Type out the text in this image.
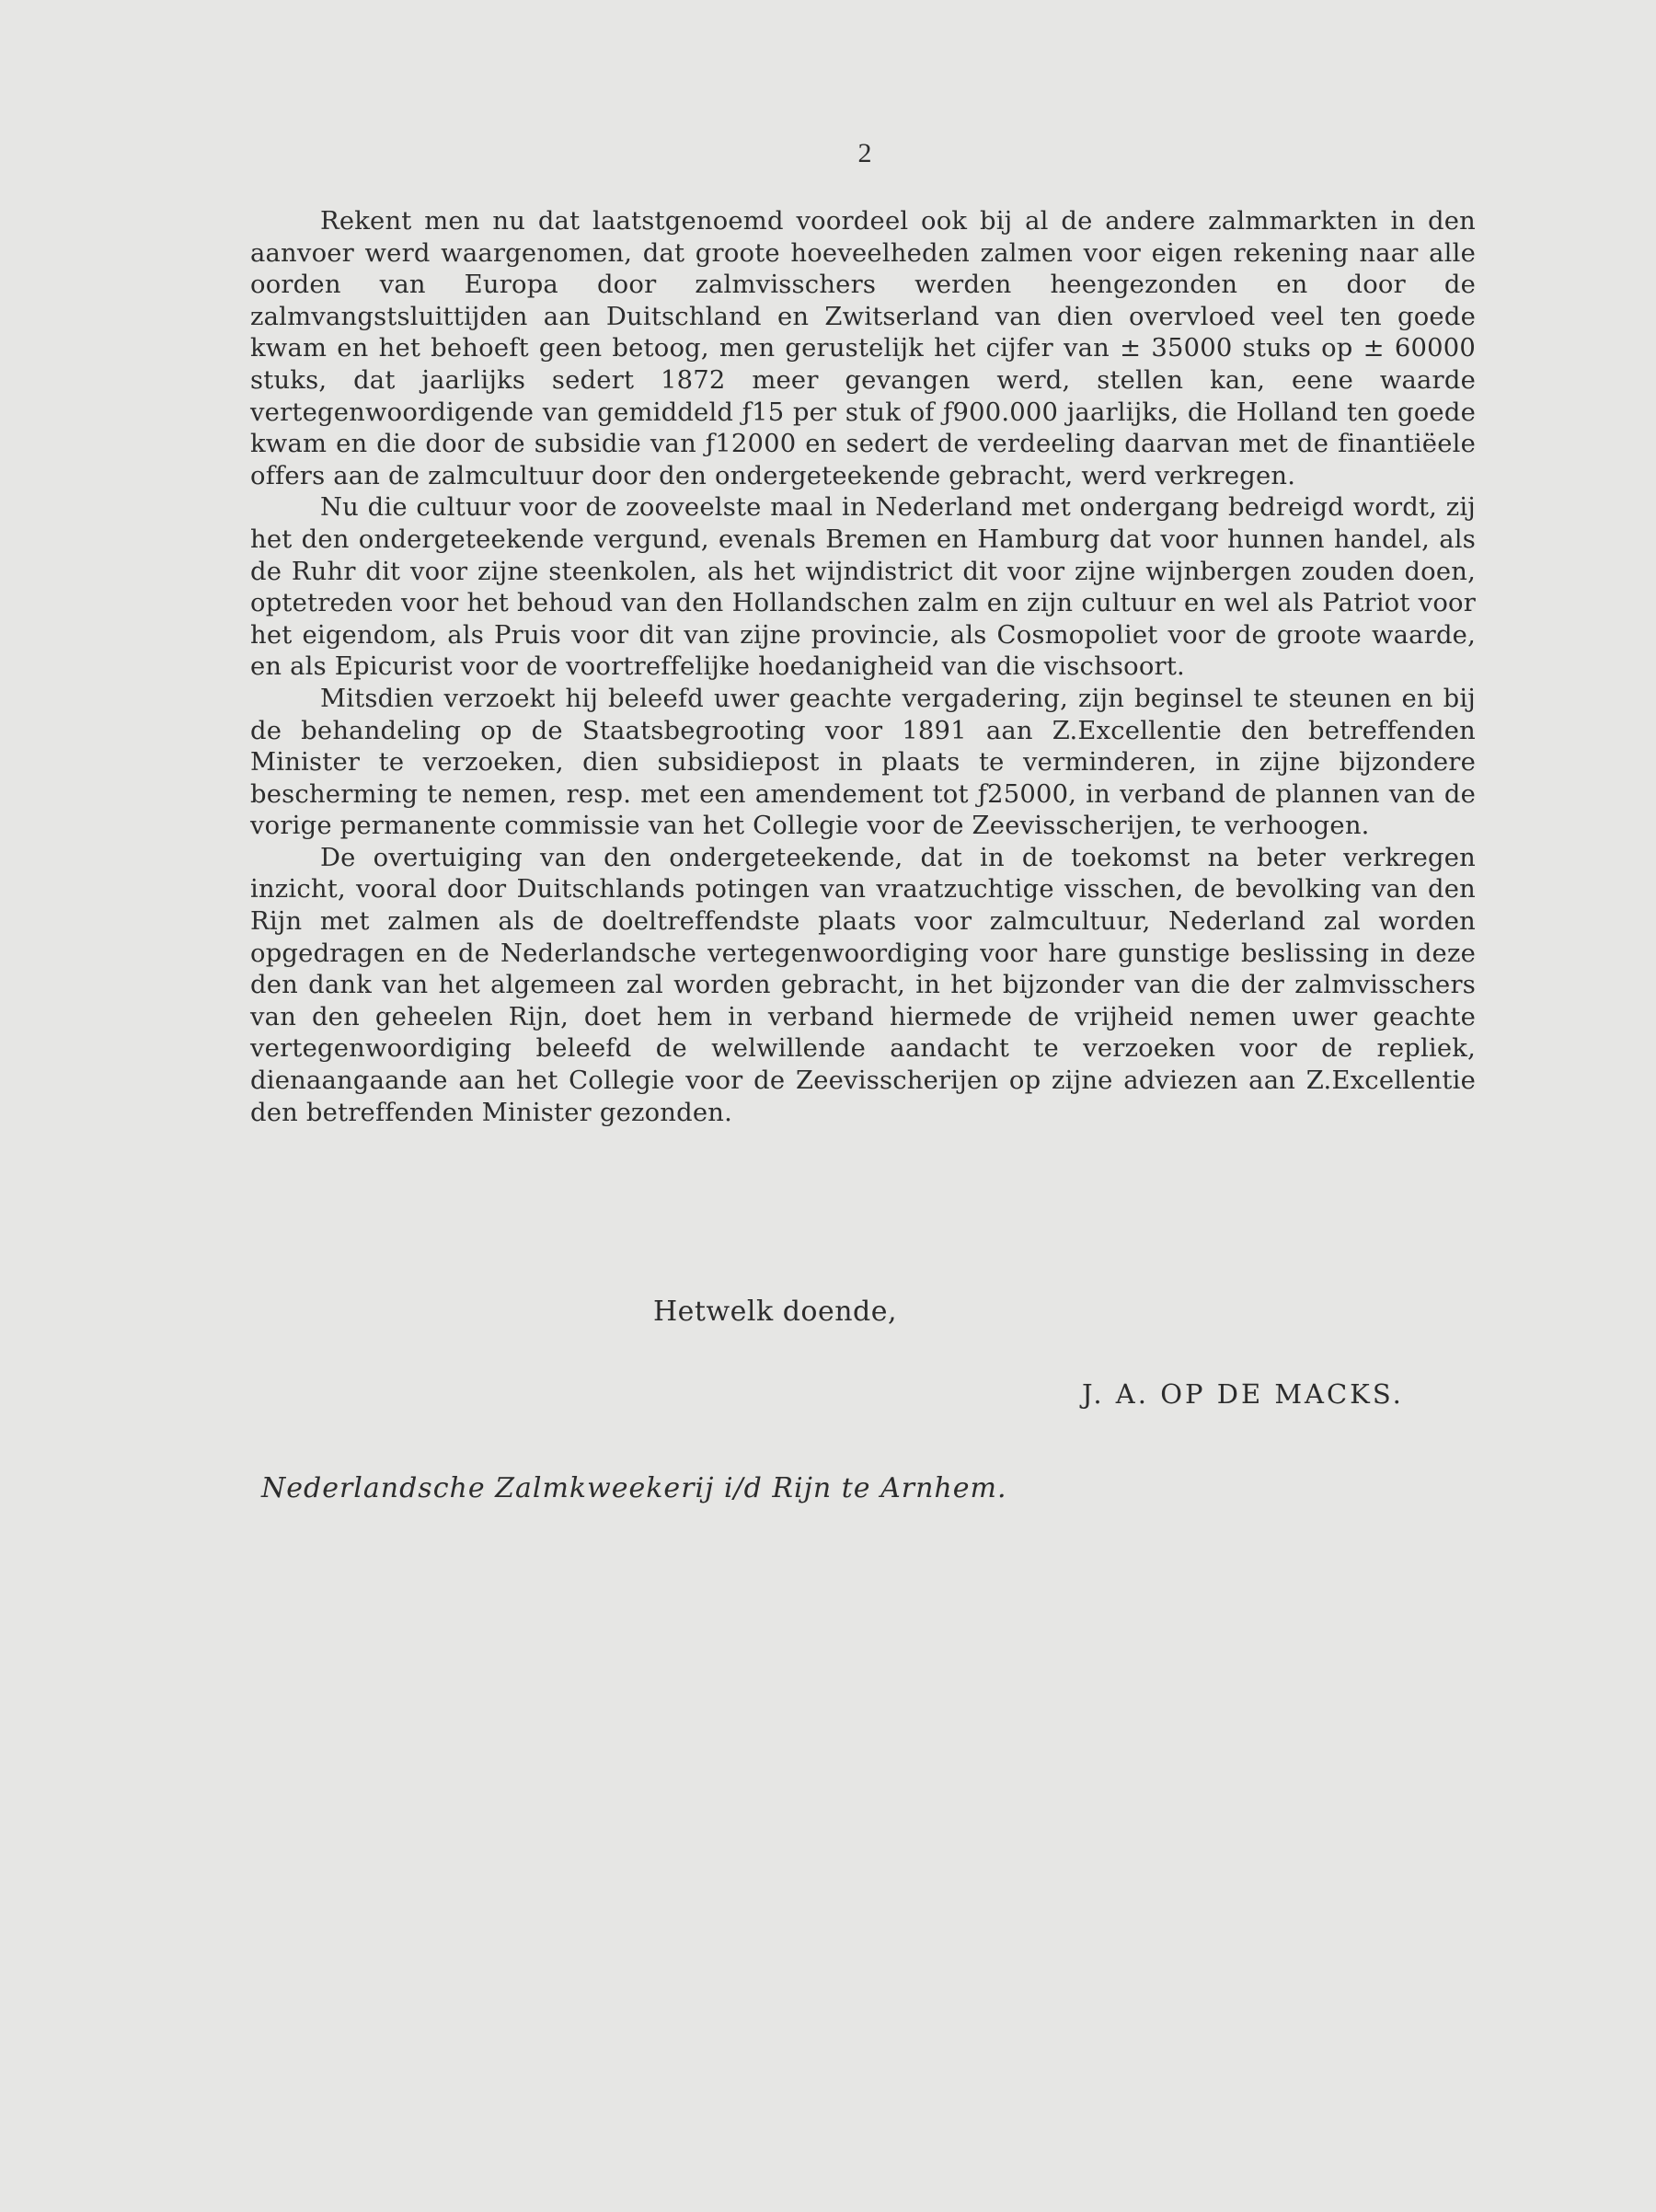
2

Rekent men nu dat laatstgenoemd voordeel ook bij al de andere zalmmarkten in den aanvoer werd waargenomen, dat groote hoeveelheden zalmen voor eigen rekening naar alle oorden van Europa door zalmvisschers werden heengezonden en door de zalmvangstsluittijden aan Duitschland en Zwitserland van dien overvloed veel ten goede kwam en het behoeft geen betoog, men gerustelijk het cijfer van ± 35000 stuks op ± 60000 stuks, dat jaarlijks sedert 1872 meer gevangen werd, stellen kan, eene waarde vertegenwoordigende van gemiddeld ƒ15 per stuk of ƒ900.000 jaarlijks, die Holland ten goede kwam en die door de subsidie van ƒ12000 en sedert de verdeeling daarvan met de finantiëele offers aan de zalmcultuur door den ondergeteekende gebracht, werd verkregen.

Nu die cultuur voor de zooveelste maal in Nederland met ondergang bedreigd wordt, zij het den ondergeteekende vergund, evenals Bremen en Hamburg dat voor hunnen handel, als de Ruhr dit voor zijne steenkolen, als het wijndistrict dit voor zijne wijnbergen zouden doen, optetreden voor het behoud van den Hollandschen zalm en zijn cultuur en wel als Patriot voor het eigendom, als Pruis voor dit van zijne provincie, als Cosmopoliet voor de groote waarde, en als Epicurist voor de voortreffelijke hoedanigheid van die vischsoort.

Mitsdien verzoekt hij beleefd uwer geachte vergadering, zijn beginsel te steunen en bij de behandeling op de Staatsbegrooting voor 1891 aan Z.Excellentie den betreffenden Minister te verzoeken, dien subsidiepost in plaats te verminderen, in zijne bijzondere bescherming te nemen, resp. met een amendement tot ƒ25000, in verband de plannen van de vorige permanente commissie van het Collegie voor de Zeevisscherijen, te verhoogen.

De overtuiging van den ondergeteekende, dat in de toekomst na beter verkregen inzicht, vooral door Duitschlands potingen van vraatzuchtige visschen, de bevolking van den Rijn met zalmen als de doeltreffendste plaats voor zalmcultuur, Nederland zal worden opgedragen en de Nederlandsche vertegenwoordiging voor hare gunstige beslissing in deze den dank van het algemeen zal worden gebracht, in het bijzonder van die der zalmvisschers van den geheelen Rijn, doet hem in verband hiermede de vrijheid nemen uwer geachte vertegenwoordiging beleefd de welwillende aandacht te verzoeken voor de repliek, dienaangaande aan het Collegie voor de Zeevisscherijen op zijne adviezen aan Z.Excellentie den betreffenden Minister gezonden.

Hetwelk doende,
J. A. OP DE MACKS.
Nederlandsche Zalmkweekerij i/d Rijn te Arnhem.
